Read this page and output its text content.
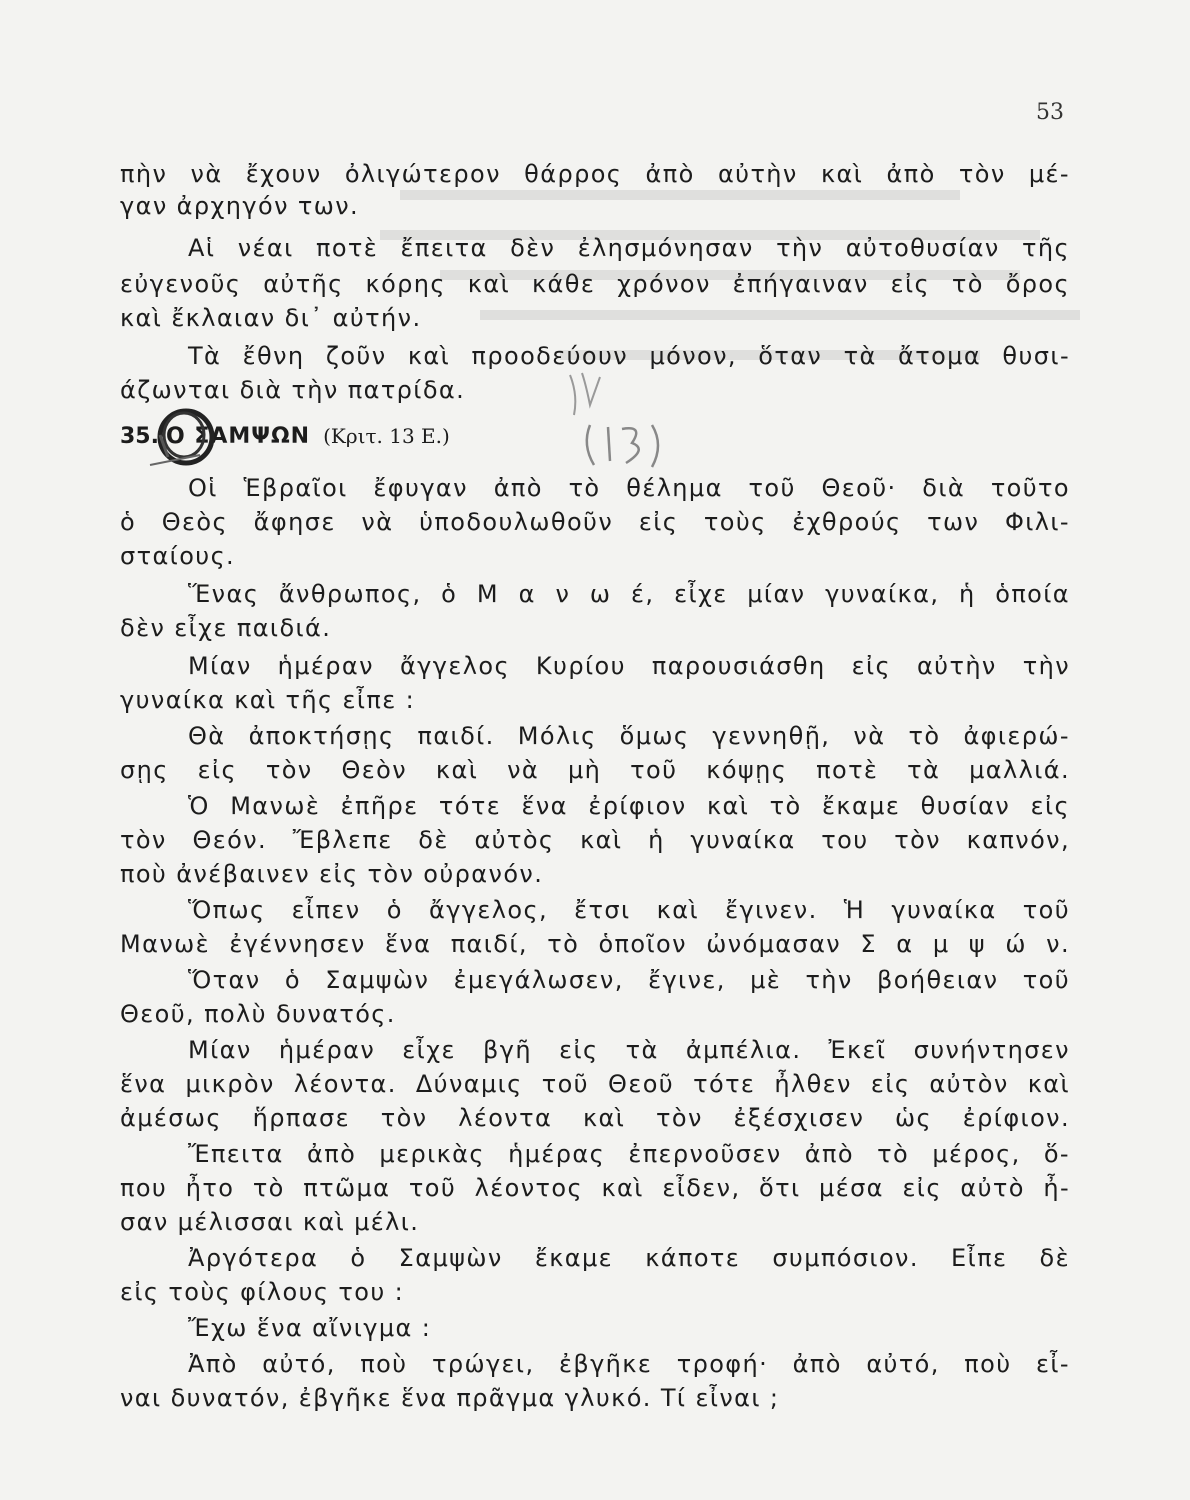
53
πὴν νὰ ἔχουν ὀλιγώτερον θάρρος ἀπὸ αὐτὴν καὶ ἀπὸ τὸν μέ-
γαν ἀρχηγόν των.
Αἱ νέαι ποτὲ ἔπειτα δὲν ἐλησμόνησαν τὴν αὐτοθυσίαν τῆς
εὐγενοῦς αὐτῆς κόρης καὶ κάθε χρόνον ἐπήγαιναν εἰς τὸ ὄρος
καὶ ἔκλαιαν δι᾽ αὐτήν.
Τὰ ἔθνη ζοῦν καὶ προοδεύουν μόνον, ὅταν τὰ ἄτομα θυσι-
άζωνται διὰ τὴν πατρίδα.
35. Ο ΣΑΜΨΩΝ (Κριτ. 13 Ε.)
Οἱ Ἑβραῖοι ἔφυγαν ἀπὸ τὸ θέλημα τοῦ Θεοῦ· διὰ τοῦτο
ὁ Θεὸς ἄφησε νὰ ὑποδουλωθοῦν εἰς τοὺς ἐχθρούς των Φιλι-
σταίους.
Ἕνας ἄνθρωπος, ὁ Μ α ν ω έ, εἶχε μίαν γυναίκα, ἡ ὁποία
δὲν εἶχε παιδιά.
Μίαν ἡμέραν ἄγγελος Κυρίου παρουσιάσθη εἰς αὐτὴν τὴν
γυναίκα καὶ τῆς εἶπε :
Θὰ ἀποκτήσῃς παιδί. Μόλις ὅμως γεννηθῇ, νὰ τὸ ἀφιερώ-
σῃς εἰς τὸν Θεὸν καὶ νὰ μὴ τοῦ κόψῃς ποτὲ τὰ μαλλιά.
Ὁ Μανωὲ ἐπῆρε τότε ἕνα ἐρίφιον καὶ τὸ ἔκαμε θυσίαν εἰς
τὸν Θεόν. Ἔβλεπε δὲ αὐτὸς καὶ ἡ γυναίκα του τὸν καπνόν,
ποὺ ἀνέβαινεν εἰς τὸν οὐρανόν.
Ὅπως εἶπεν ὁ ἄγγελος, ἔτσι καὶ ἔγινεν. Ἡ γυναίκα τοῦ
Μανωὲ ἐγέννησεν ἕνα παιδί, τὸ ὁποῖον ὠνόμασαν Σ α μ ψ ώ ν.
Ὅταν ὁ Σαμψὼν ἐμεγάλωσεν, ἔγινε, μὲ τὴν βοήθειαν τοῦ
Θεοῦ, πολὺ δυνατός.
Μίαν ἡμέραν εἶχε βγῆ εἰς τὰ ἀμπέλια. Ἐκεῖ συνήντησεν
ἕνα μικρὸν λέοντα. Δύναμις τοῦ Θεοῦ τότε ἦλθεν εἰς αὐτὸν καὶ
ἀμέσως ἥρπασε τὸν λέοντα καὶ τὸν ἐξέσχισεν ὡς ἐρίφιον.
Ἔπειτα ἀπὸ μερικὰς ἡμέρας ἐπερνοῦσεν ἀπὸ τὸ μέρος, ὅ-
που ἦτο τὸ πτῶμα τοῦ λέοντος καὶ εἶδεν, ὅτι μέσα εἰς αὐτὸ ἦ-
σαν μέλισσαι καὶ μέλι.
Ἀργότερα ὁ Σαμψὼν ἔκαμε κάποτε συμπόσιον. Εἶπε δὲ
εἰς τοὺς φίλους του :
Ἔχω ἕνα αἴνιγμα :
Ἀπὸ αὐτό, ποὺ τρώγει, ἐβγῆκε τροφή· ἀπὸ αὐτό, ποὺ εἶ-
ναι δυνατόν, ἐβγῆκε ἕνα πρᾶγμα γλυκό. Τί εἶναι ;
